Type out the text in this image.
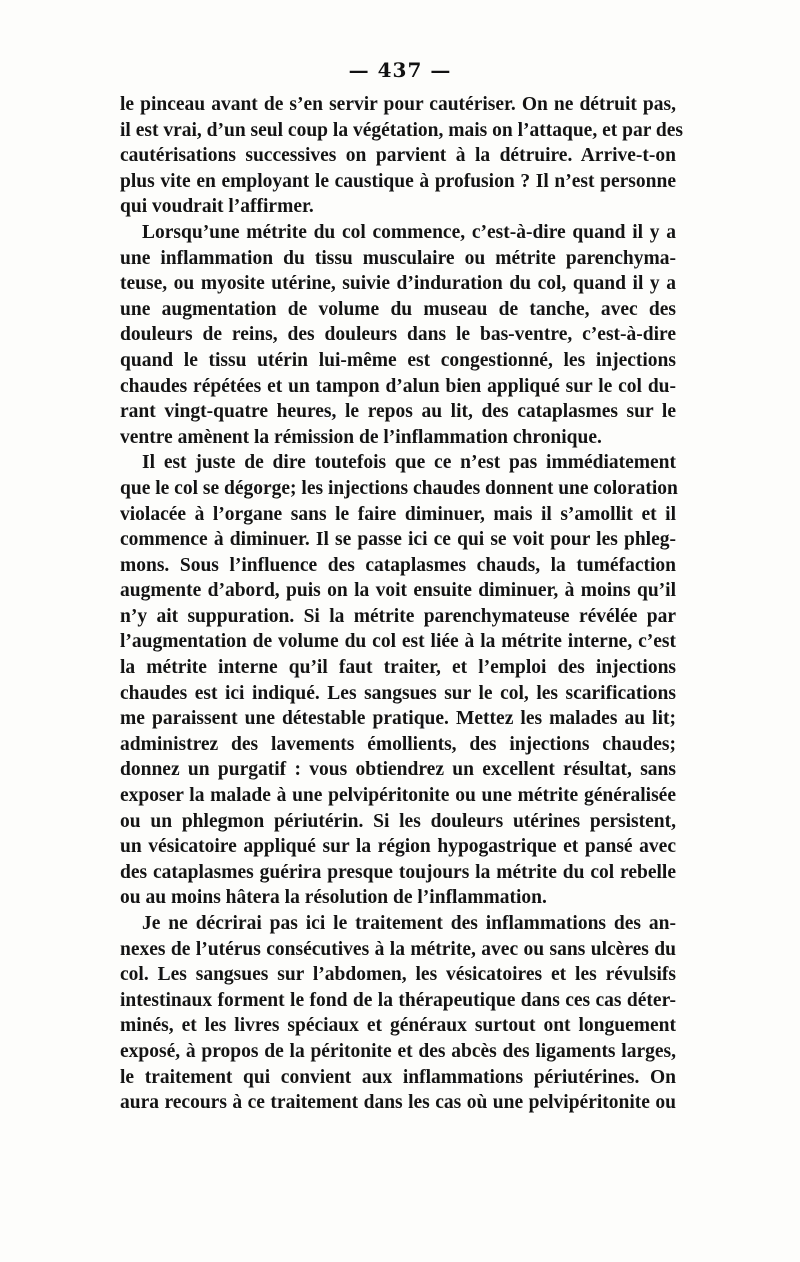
— 437 —
le pinceau avant de s’en servir pour cautériser. On ne détruit pas,
il est vrai, d’un seul coup la végétation, mais on l’attaque, et par des
cautérisations successives on parvient à la détruire. Arrive-t-on
plus vite en employant le caustique à profusion ? Il n’est personne
qui voudrait l’affirmer.
Lorsqu’une métrite du col commence, c’est-à-dire quand il y a
une inflammation du tissu musculaire ou métrite parenchyma-
teuse, ou myosite utérine, suivie d’induration du col, quand il y a
une augmentation de volume du museau de tanche, avec des
douleurs de reins, des douleurs dans le bas-ventre, c’est-à-dire
quand le tissu utérin lui-même est congestionné, les injections
chaudes répétées et un tampon d’alun bien appliqué sur le col du-
rant vingt-quatre heures, le repos au lit, des cataplasmes sur le
ventre amènent la rémission de l’inflammation chronique.
Il est juste de dire toutefois que ce n’est pas immédiatement
que le col se dégorge; les injections chaudes donnent une coloration
violacée à l’organe sans le faire diminuer, mais il s’amollit et il
commence à diminuer. Il se passe ici ce qui se voit pour les phleg-
mons. Sous l’influence des cataplasmes chauds, la tuméfaction
augmente d’abord, puis on la voit ensuite diminuer, à moins qu’il
n’y ait suppuration. Si la métrite parenchymateuse révélée par
l’augmentation de volume du col est liée à la métrite interne, c’est
la métrite interne qu’il faut traiter, et l’emploi des injections
chaudes est ici indiqué. Les sangsues sur le col, les scarifications
me paraissent une détestable pratique. Mettez les malades au lit;
administrez des lavements émollients, des injections chaudes;
donnez un purgatif : vous obtiendrez un excellent résultat, sans
exposer la malade à une pelvipéritonite ou une métrite généralisée
ou un phlegmon périutérin. Si les douleurs utérines persistent,
un vésicatoire appliqué sur la région hypogastrique et pansé avec
des cataplasmes guérira presque toujours la métrite du col rebelle
ou au moins hâtera la résolution de l’inflammation.
Je ne décrirai pas ici le traitement des inflammations des an-
nexes de l’utérus consécutives à la métrite, avec ou sans ulcères du
col. Les sangsues sur l’abdomen, les vésicatoires et les révulsifs
intestinaux forment le fond de la thérapeutique dans ces cas déter-
minés, et les livres spéciaux et généraux surtout ont longuement
exposé, à propos de la péritonite et des abcès des ligaments larges,
le traitement qui convient aux inflammations périutérines. On
aura recours à ce traitement dans les cas où une pelvipéritonite ou
